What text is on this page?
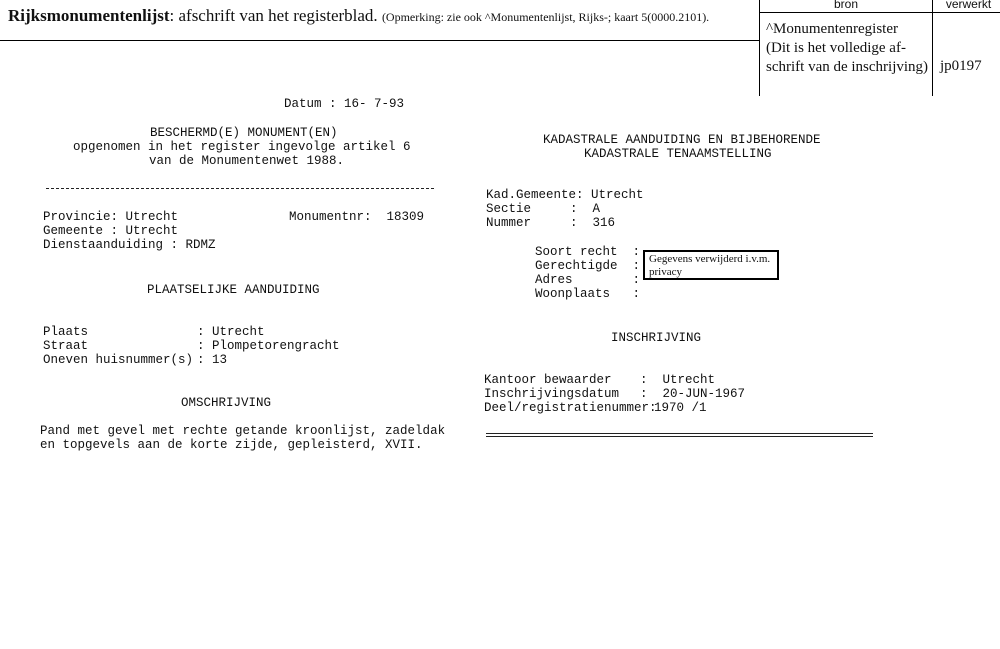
Rijksmonumentenlijst: afschrift van het registerblad. (Opmerking: zie ook ^Monumentenlijst, Rijks-; kaart 5(0000.2101).
bron	verwerkt
^Monumentenregister
(Dit is het volledige af-
schrift van de inschrijving) jp0197
Datum : 16- 7-93
BESCHERMD(E) MONUMENT(EN)
opgenomen in het register ingevolge artikel 6
van de Monumentenwet 1988.
Provincie: Utrecht	Monumentnr: 18309
Gemeente : Utrecht
Dienstaanduiding : RDMZ
PLAATSELIJKE AANDUIDING
Plaats	: Utrecht
Straat	: Plompetorengracht
Oneven huisnummer(s) : 13
OMSCHRIJVING
Pand met gevel met rechte getande kroonlijst, zadeldak
en topgevels aan de korte zijde, gepleisterd, XVII.
KADASTRALE AANDUIDING EN BIJBEHORENDE
KADASTRALE TENAAMSTELLING
Kad.Gemeente: Utrecht
Sectie	:  A
Nummer	:  316
Soort recht  :
Gerechtigde  :
Adres        :
Woonplaats   :
Gegevens verwijderd i.v.m. privacy
INSCHRIJVING
Kantoor bewaarder :  Utrecht
Inschrijvingsdatum :  20-JUN-1967
Deel/registratienummer:
1970 /1
